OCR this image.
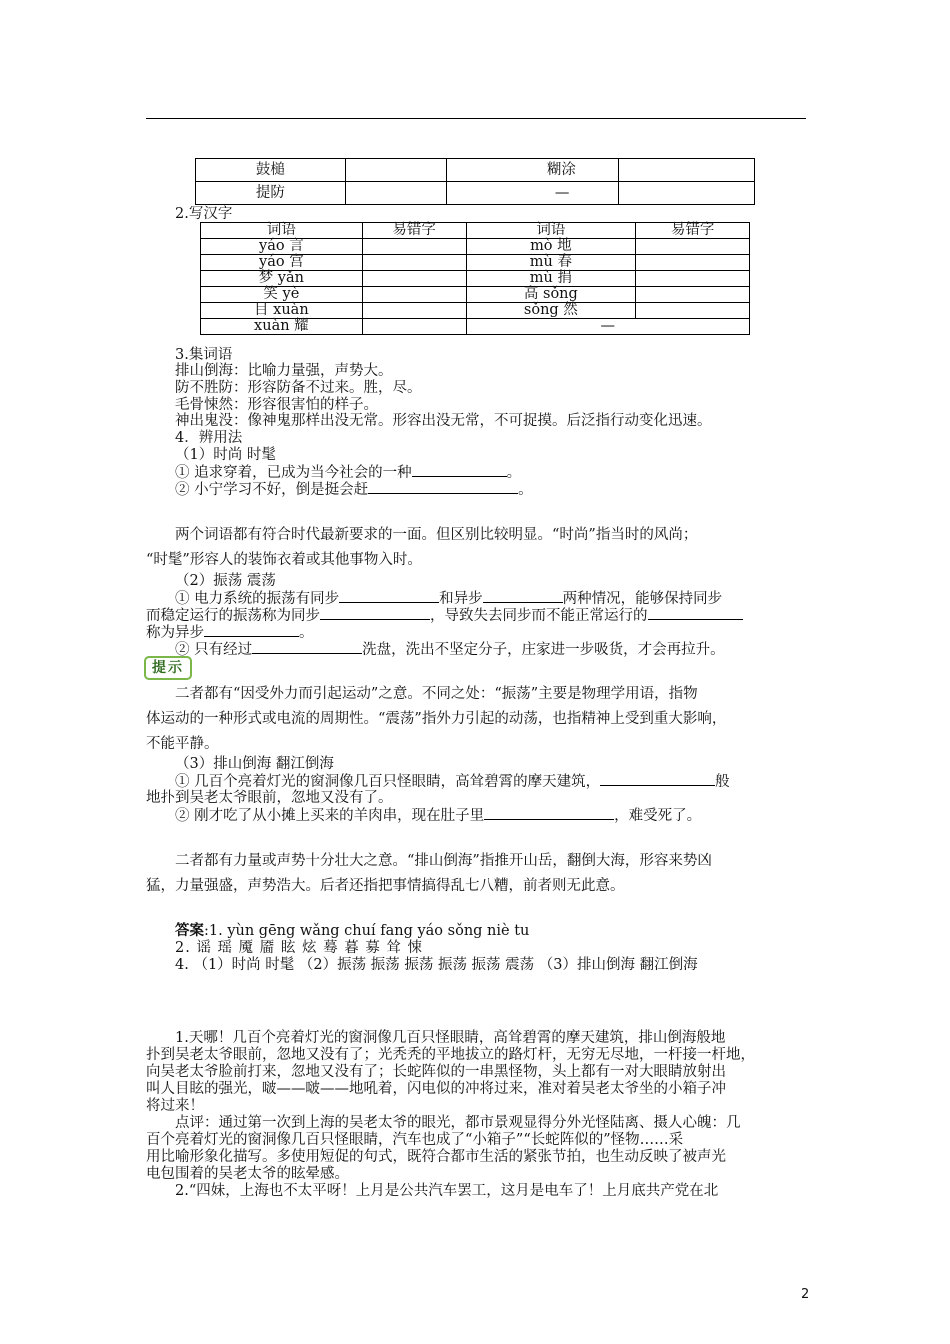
鼓槌			糊涂	
提防			—	
2.写汉字
词语	易错字	词语	易错字
yáo 言		mò 地	
yáo 宫		mù 春	
梦 yǎn		mù 捐	
笑 yè		高 sǒng	
目 xuàn		sǒng 然	
xuàn 耀		—	
3.集词语
排山倒海：比喻力量强，声势大。
防不胜防：形容防备不过来。胜，尽。
毛骨悚然：形容很害怕的样子。
神出鬼没：像神鬼那样出没无常。形容出没无常，不可捉摸。后泛指行动变化迅速。
4．辨用法
（1）时尚 时髦
① 追求穿着，已成为当今社会的一种	。
② 小宁学习不好，倒是挺会赶	。
两个词语都有符合时代最新要求的一面。但区别比较明显。“时尚”指当时的风尚；
“时髦”形容人的装饰衣着或其他事物入时。
（2）振荡 震荡
① 电力系统的振荡有同步	和异步	两种情况，能够保持同步
而稳定运行的振荡称为同步	，导致失去同步而不能正常运行的
称为异步	。
② 只有经过	洗盘，洗出不坚定分子，庄家进一步吸货，才会再拉升。
提示
二者都有“因受外力而引起运动”之意。不同之处：“振荡”主要是物理学用语，指物
体运动的一种形式或电流的周期性。“震荡”指外力引起的动荡，也指精神上受到重大影响，
不能平静。
（3）排山倒海 翻江倒海
① 几百个亮着灯光的窗洞像几百只怪眼睛，高耸碧霄的摩天建筑，	般
地扑到吴老太爷眼前，忽地又没有了。
② 刚才吃了从小摊上买来的羊肉串，现在肚子里	，难受死了。
二者都有力量或声势十分壮大之意。“排山倒海”指推开山岳，翻倒大海，形容来势凶
猛，力量强盛，声势浩大。后者还指把事情搞得乱七八糟，前者则无此意。
答案:1. yùn gēng wǎng chuí fang yáo sǒng niè tu
2. 谣 瑶 魇 靥 眩 炫 蓦 暮 募 耸 悚
4. （1）时尚 时髦 （2）振荡 振荡 振荡 振荡 振荡 震荡 （3）排山倒海 翻江倒海
1.天哪！几百个亮着灯光的窗洞像几百只怪眼睛，高耸碧霄的摩天建筑，排山倒海般地
扑到吴老太爷眼前，忽地又没有了；光秃秃的平地拔立的路灯杆，无穷无尽地，一杆接一杆地，
向吴老太爷脸前打来，忽地又没有了；长蛇阵似的一串黑怪物，头上都有一对大眼睛放射出
叫人目眩的强光，啵——啵——地吼着，闪电似的冲将过来，准对着吴老太爷坐的小箱子冲
将过来！
点评：通过第一次到上海的吴老太爷的眼光，都市景观显得分外光怪陆离、摄人心魄：几
百个亮着灯光的窗洞像几百只怪眼睛，汽车也成了“小箱子”“长蛇阵似的”怪物……采
用比喻形象化描写。多使用短促的句式，既符合都市生活的紧张节拍，也生动反映了被声光
电包围着的吴老太爷的眩晕感。
2.“四妹，上海也不太平呀！上月是公共汽车罢工，这月是电车了！上月底共产党在北
2
